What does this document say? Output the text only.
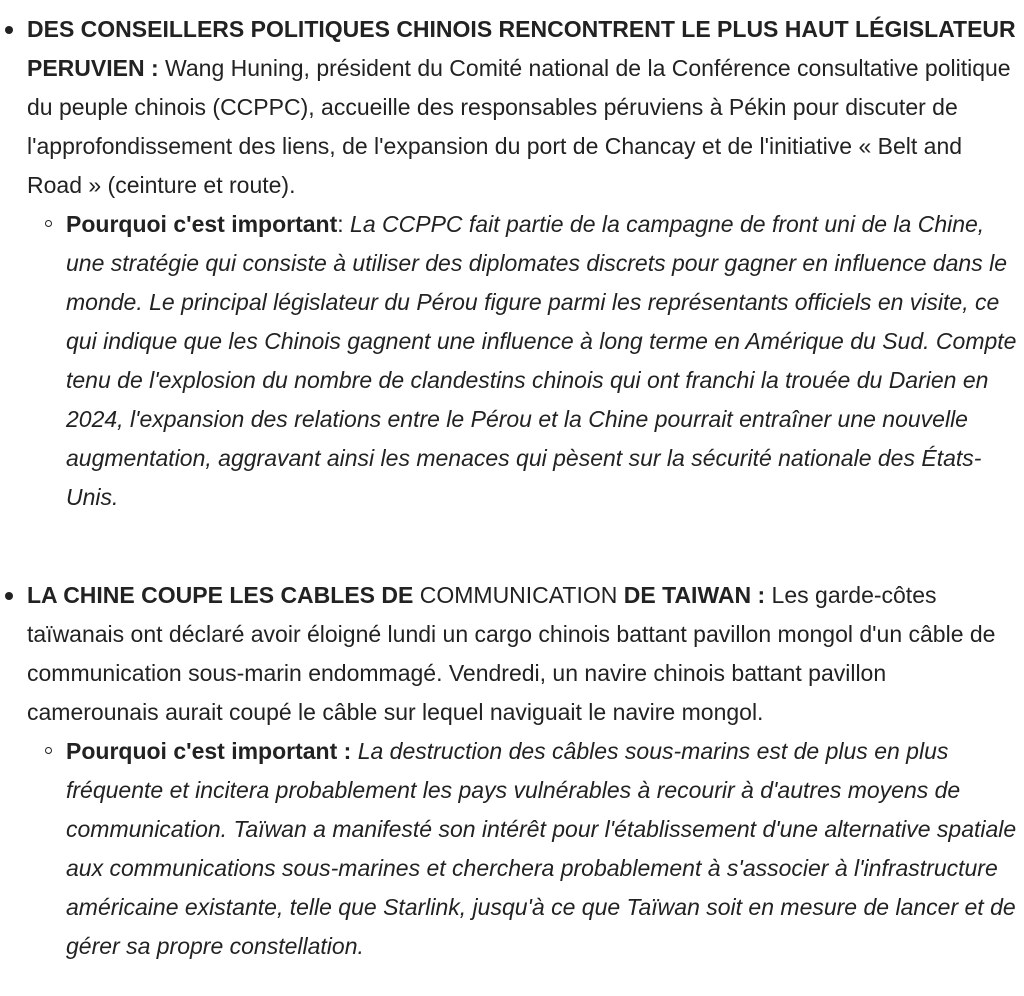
DES CONSEILLERS POLITIQUES CHINOIS RENCONTRENT LE PLUS HAUT LÉGISLATEUR PERUVIEN : Wang Huning, président du Comité national de la Conférence consultative politique du peuple chinois (CCPPC), accueille des responsables péruviens à Pékin pour discuter de l'approfondissement des liens, de l'expansion du port de Chancay et de l'initiative « Belt and Road » (ceinture et route).

Pourquoi c'est important: La CCPPC fait partie de la campagne de front uni de la Chine, une stratégie qui consiste à utiliser des diplomates discrets pour gagner en influence dans le monde. Le principal législateur du Pérou figure parmi les représentants officiels en visite, ce qui indique que les Chinois gagnent une influence à long terme en Amérique du Sud. Compte tenu de l'explosion du nombre de clandestins chinois qui ont franchi la trouée du Darien en 2024, l'expansion des relations entre le Pérou et la Chine pourrait entraîner une nouvelle augmentation, aggravant ainsi les menaces qui pèsent sur la sécurité nationale des États-Unis.

LA CHINE COUPE LES CABLES DE COMMUNICATION DE TAIWAN : Les garde-côtes taïwanais ont déclaré avoir éloigné lundi un cargo chinois battant pavillon mongol d'un câble de communication sous-marin endommagé. Vendredi, un navire chinois battant pavillon camerounais aurait coupé le câble sur lequel naviguait le navire mongol.

Pourquoi c'est important : La destruction des câbles sous-marins est de plus en plus fréquente et incitera probablement les pays vulnérables à recourir à d'autres moyens de communication. Taïwan a manifesté son intérêt pour l'établissement d'une alternative spatiale aux communications sous-marines et cherchera probablement à s'associer à l'infrastructure américaine existante, telle que Starlink, jusqu'à ce que Taïwan soit en mesure de lancer et de gérer sa propre constellation.
